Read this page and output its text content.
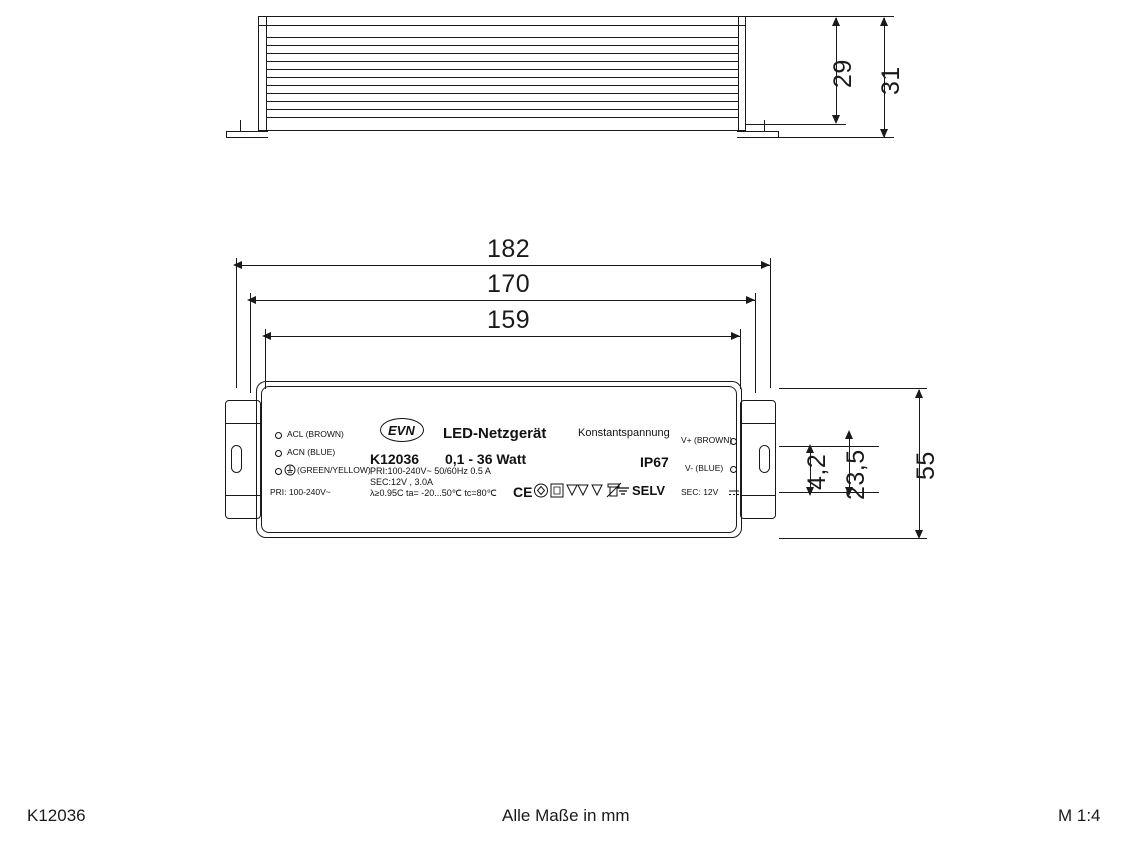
29 31
182
170
159
EVN LED-Netzgerät	Konstantspannung
K12036 0,1 - 36 Watt	IP67
PRI:100-240V~ 50/60Hz 0.5 A
SEC:12V , 3.0A
λ≥0.95C ta= -20...50℃ tc=80℃ CE	SELV
ACL (BROWN)
ACN (BLUE)
(GREEN/YELLOW)
PRI: 100-240V~
V+ (BROWN)
V- (BLUE)
SEC: 12V
55
23,5
4,2
K12036	Alle Maße in mm	M 1:4
